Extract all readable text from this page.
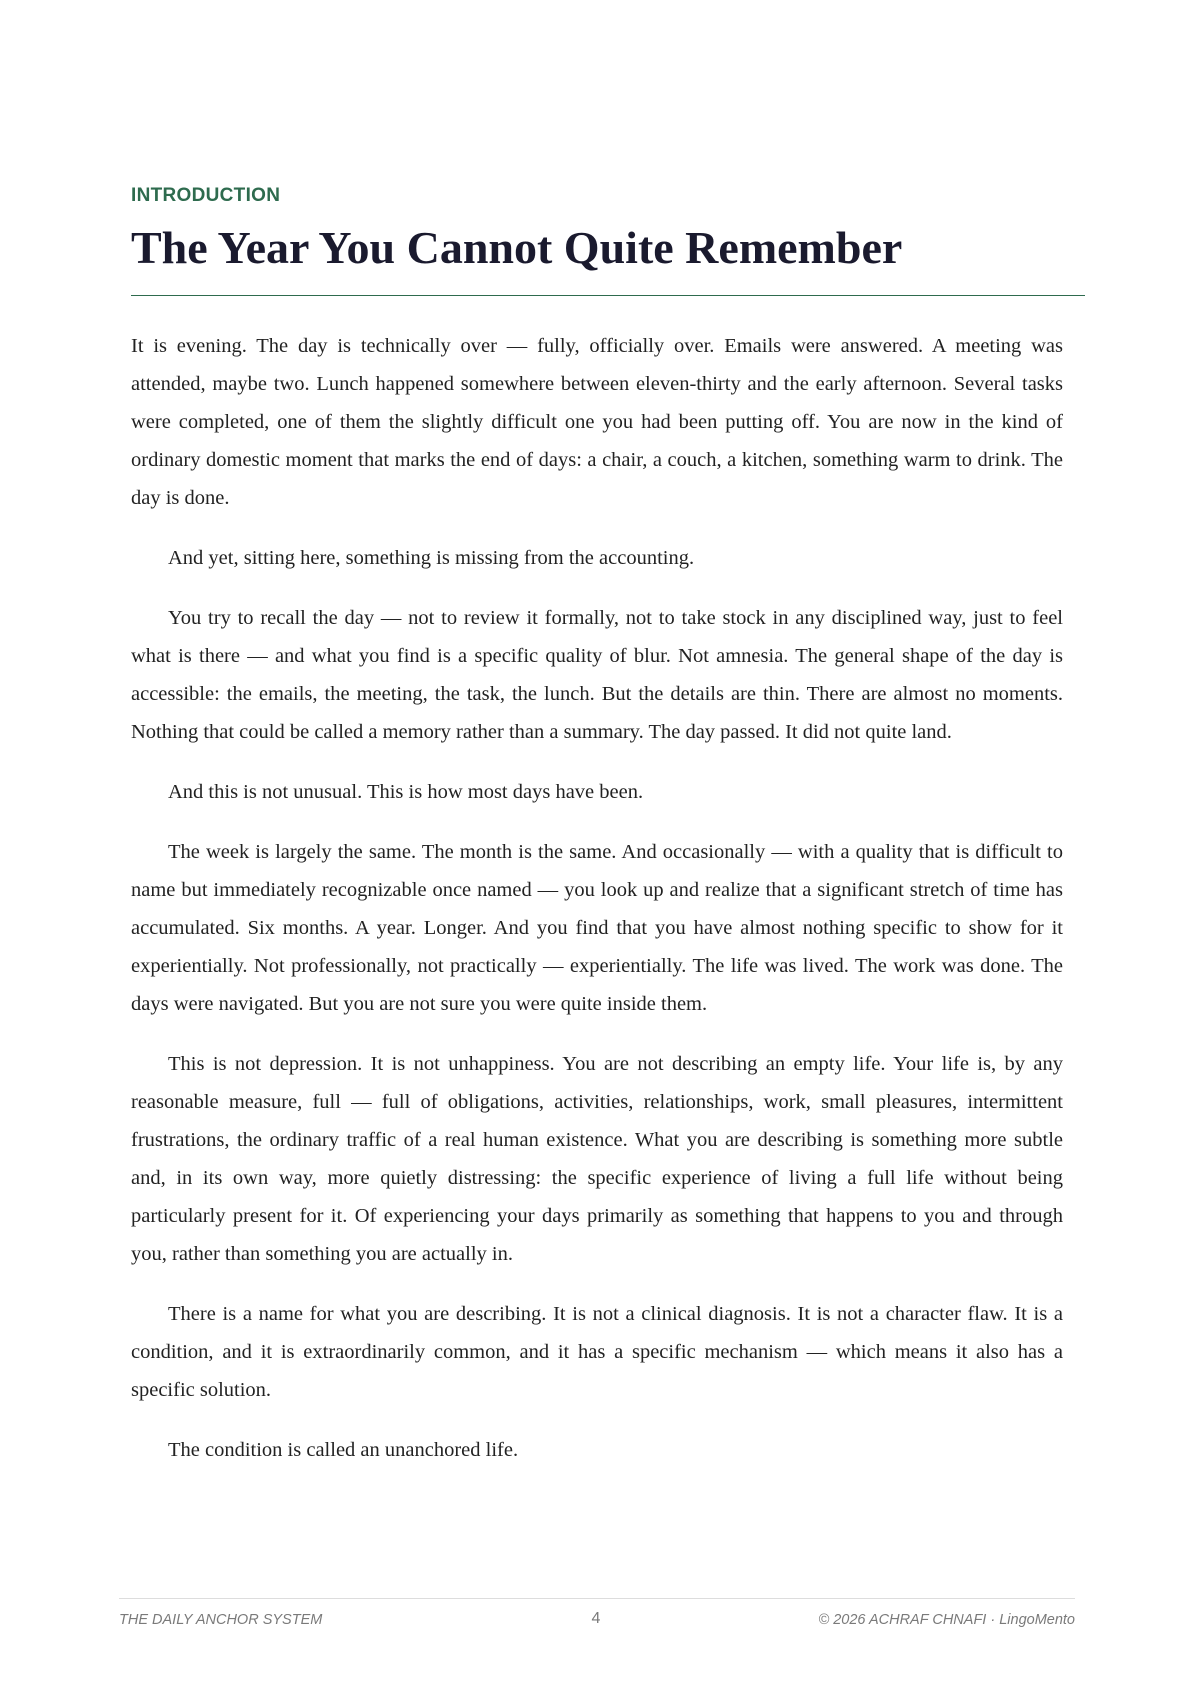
INTRODUCTION
The Year You Cannot Quite Remember

It is evening. The day is technically over — fully, officially over. Emails were answered. A meeting was attended, maybe two. Lunch happened somewhere between eleven-thirty and the early afternoon. Several tasks were completed, one of them the slightly difficult one you had been putting off. You are now in the kind of ordinary domestic moment that marks the end of days: a chair, a couch, a kitchen, something warm to drink. The day is done.

And yet, sitting here, something is missing from the accounting.

You try to recall the day — not to review it formally, not to take stock in any disciplined way, just to feel what is there — and what you find is a specific quality of blur. Not amnesia. The general shape of the day is accessible: the emails, the meeting, the task, the lunch. But the details are thin. There are almost no moments. Nothing that could be called a memory rather than a summary. The day passed. It did not quite land.

And this is not unusual. This is how most days have been.

The week is largely the same. The month is the same. And occasionally — with a quality that is difficult to name but immediately recognizable once named — you look up and realize that a significant stretch of time has accumulated. Six months. A year. Longer. And you find that you have almost nothing specific to show for it experientially. Not professionally, not practically — experientially. The life was lived. The work was done. The days were navigated. But you are not sure you were quite inside them.

This is not depression. It is not unhappiness. You are not describing an empty life. Your life is, by any reasonable measure, full — full of obligations, activities, relationships, work, small pleasures, intermittent frustrations, the ordinary traffic of a real human existence. What you are describing is something more subtle and, in its own way, more quietly distressing: the specific experience of living a full life without being particularly present for it. Of experiencing your days primarily as something that happens to you and through you, rather than something you are actually in.

There is a name for what you are describing. It is not a clinical diagnosis. It is not a character flaw. It is a condition, and it is extraordinarily common, and it has a specific mechanism — which means it also has a specific solution.

The condition is called an unanchored life.

THE DAILY ANCHOR SYSTEM	4	© 2026 ACHRAF CHNAFI · LingoMento
